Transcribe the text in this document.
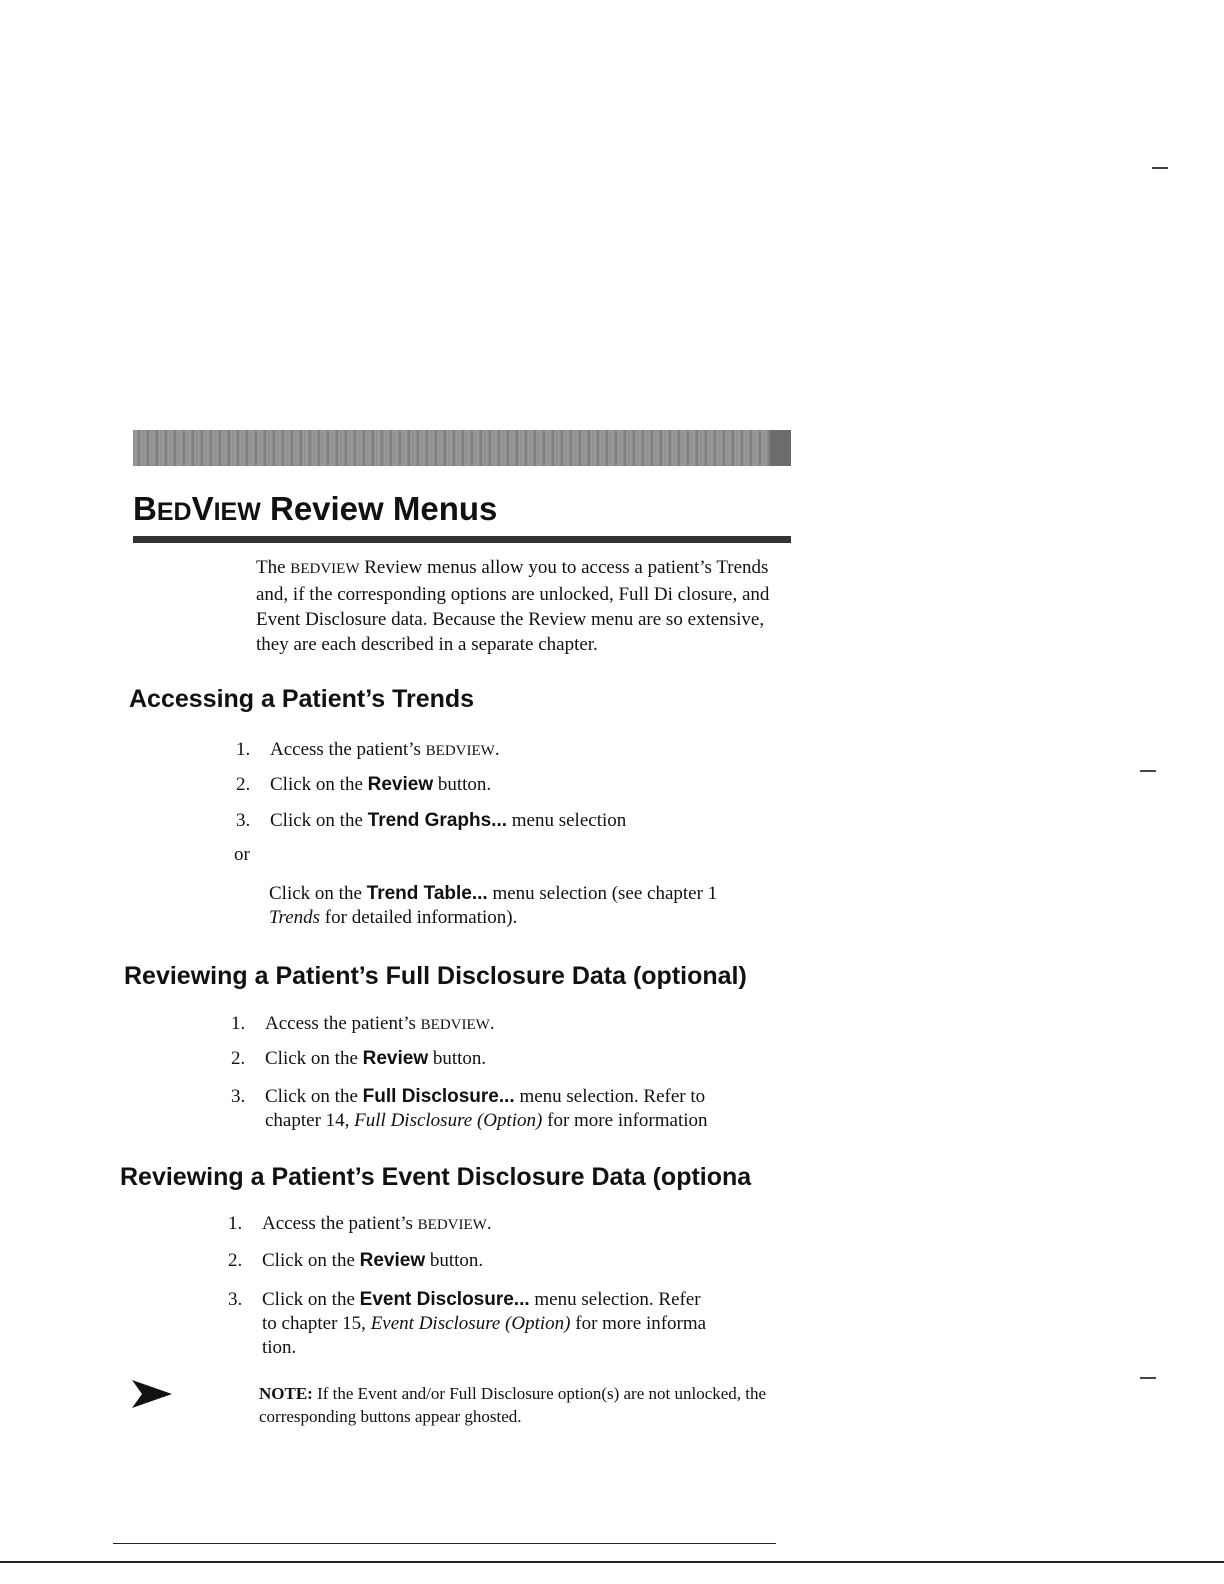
BEDVIEW Review Menus

The BEDVIEW Review menus allow you to access a patient’s Trends and, if the corresponding options are unlocked, Full Di closure, and Event Disclosure data. Because the Review menu are so extensive, they are each described in a separate chapter.

Accessing a Patient’s Trends
1. Access the patient’s BEDVIEW.
2. Click on the Review button.
3. Click on the Trend Graphs... menu selection
or
Click on the Trend Table... menu selection (see chapter 1
Trends for detailed information).
Reviewing a Patient’s Full Disclosure Data (optional)
1. Access the patient’s BEDVIEW.
2. Click on the Review button.
3. Click on the Full Disclosure... menu selection. Refer to
chapter 14, Full Disclosure (Option) for more information
Reviewing a Patient’s Event Disclosure Data (optiona
1. Access the patient’s BEDVIEW.
2. Click on the Review button.
3. Click on the Event Disclosure... menu selection. Refer
to chapter 15, Event Disclosure (Option) for more informa
tion.

NOTE: If the Event and/or Full Disclosure option(s) are not unlocked, the corresponding buttons appear ghosted.
